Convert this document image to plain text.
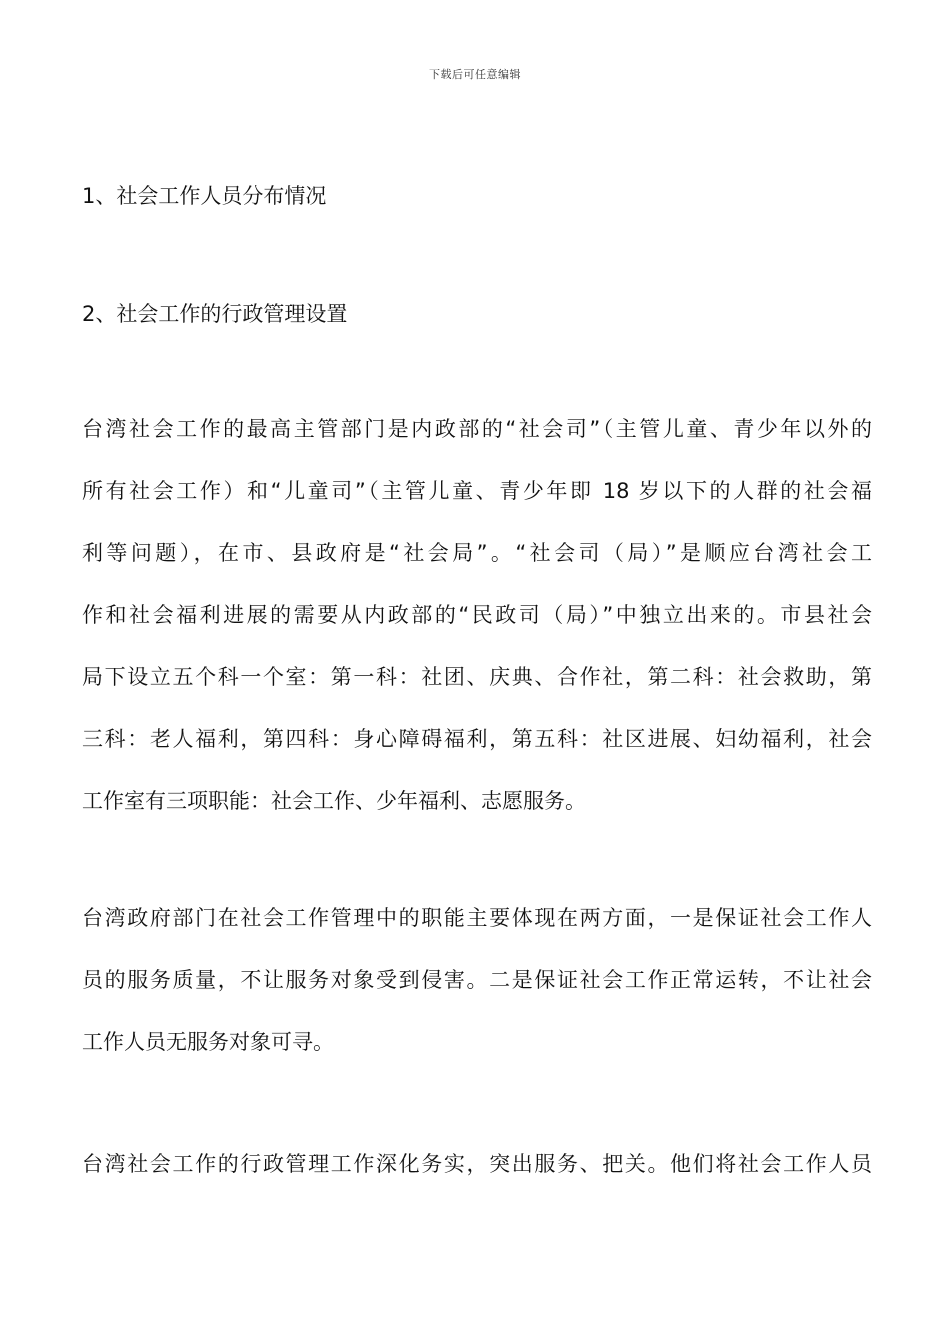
下载后可任意编辑
1、社会工作人员分布情况
2、社会工作的行政管理设置

台湾社会工作的最高主管部门是内政部的“社会司”（主管儿童、青少年以外的
所有社会工作）和“儿童司”（主管儿童、青少年即 18 岁以下的人群的社会福
利等问题），在市、县政府是“社会局”。“社会司（局）”是顺应台湾社会工
作和社会福利进展的需要从内政部的“民政司（局）”中独立出来的。市县社会
局下设立五个科一个室：第一科：社团、庆典、合作社，第二科：社会救助，第
三科：老人福利，第四科：身心障碍福利，第五科：社区进展、妇幼福利，社会
工作室有三项职能：社会工作、少年福利、志愿服务。

台湾政府部门在社会工作管理中的职能主要体现在两方面，一是保证社会工作人
员的服务质量，不让服务对象受到侵害。二是保证社会工作正常运转，不让社会
工作人员无服务对象可寻。

台湾社会工作的行政管理工作深化务实，突出服务、把关。他们将社会工作人员
